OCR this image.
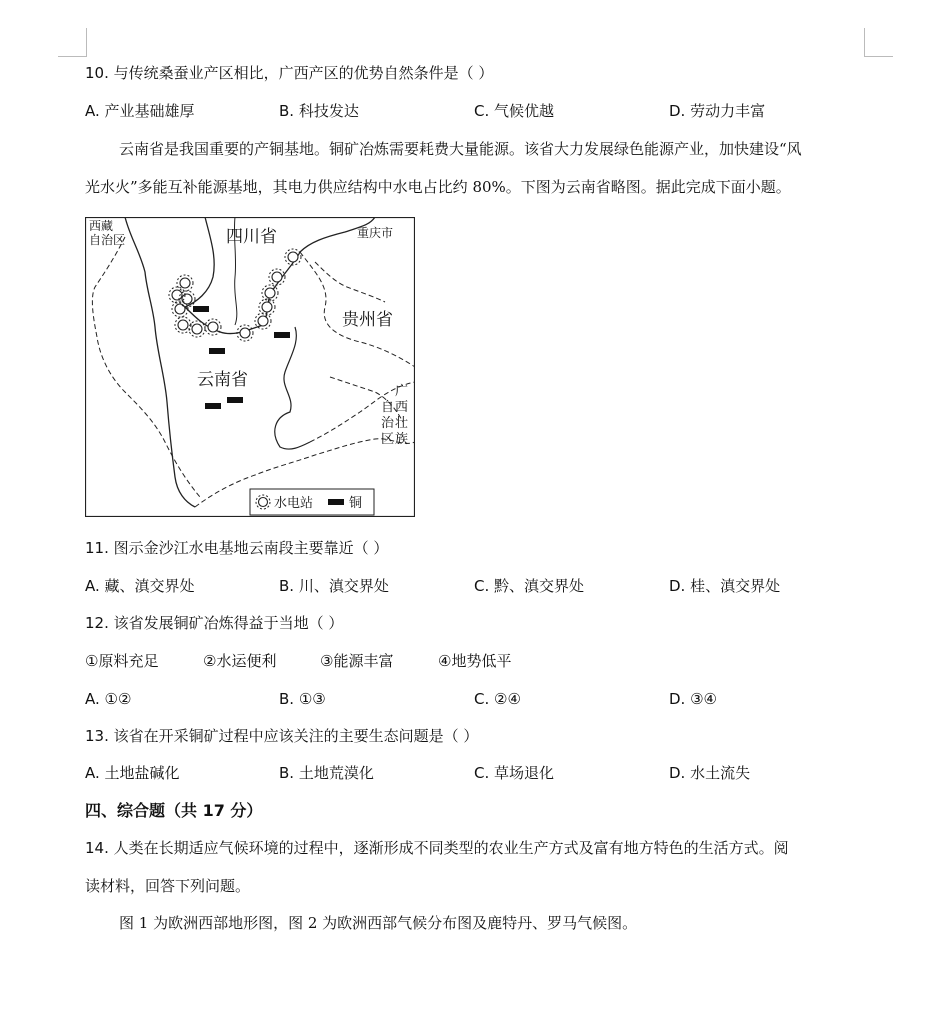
10. 与传统桑蚕业产区相比，广西产区的优势自然条件是（ ）
A. 产业基础雄厚	B. 科技发达	C. 气候优越	D. 劳动力丰富
云南省是我国重要的产铜基地。铜矿冶炼需要耗费大量能源。该省大力发展绿色能源产业，加快建设“风
光水火”多能互补能源基地，其电力供应结构中水电占比约 80%。下图为云南省略图。据此完成下面小题。
西藏
自治区	四川省	重庆市
贵州省
云南省
广
西
壮
族
自
治
区
水电站	铜
11. 图示金沙江水电基地云南段主要靠近（ ）
A. 藏、滇交界处	B. 川、滇交界处	C. 黔、滇交界处	D. 桂、滇交界处
12. 该省发展铜矿冶炼得益于当地（ ）
①原料充足	②水运便利	③能源丰富	④地势低平
A. ①②	B. ①③	C. ②④	D. ③④
13. 该省在开采铜矿过程中应该关注的主要生态问题是（ ）
A. 土地盐碱化	B. 土地荒漠化	C. 草场退化	D. 水土流失
四、综合题（共 17 分）
14. 人类在长期适应气候环境的过程中，逐渐形成不同类型的农业生产方式及富有地方特色的生活方式。阅
读材料，回答下列问题。
图 1 为欧洲西部地形图，图 2 为欧洲西部气候分布图及鹿特丹、罗马气候图。
